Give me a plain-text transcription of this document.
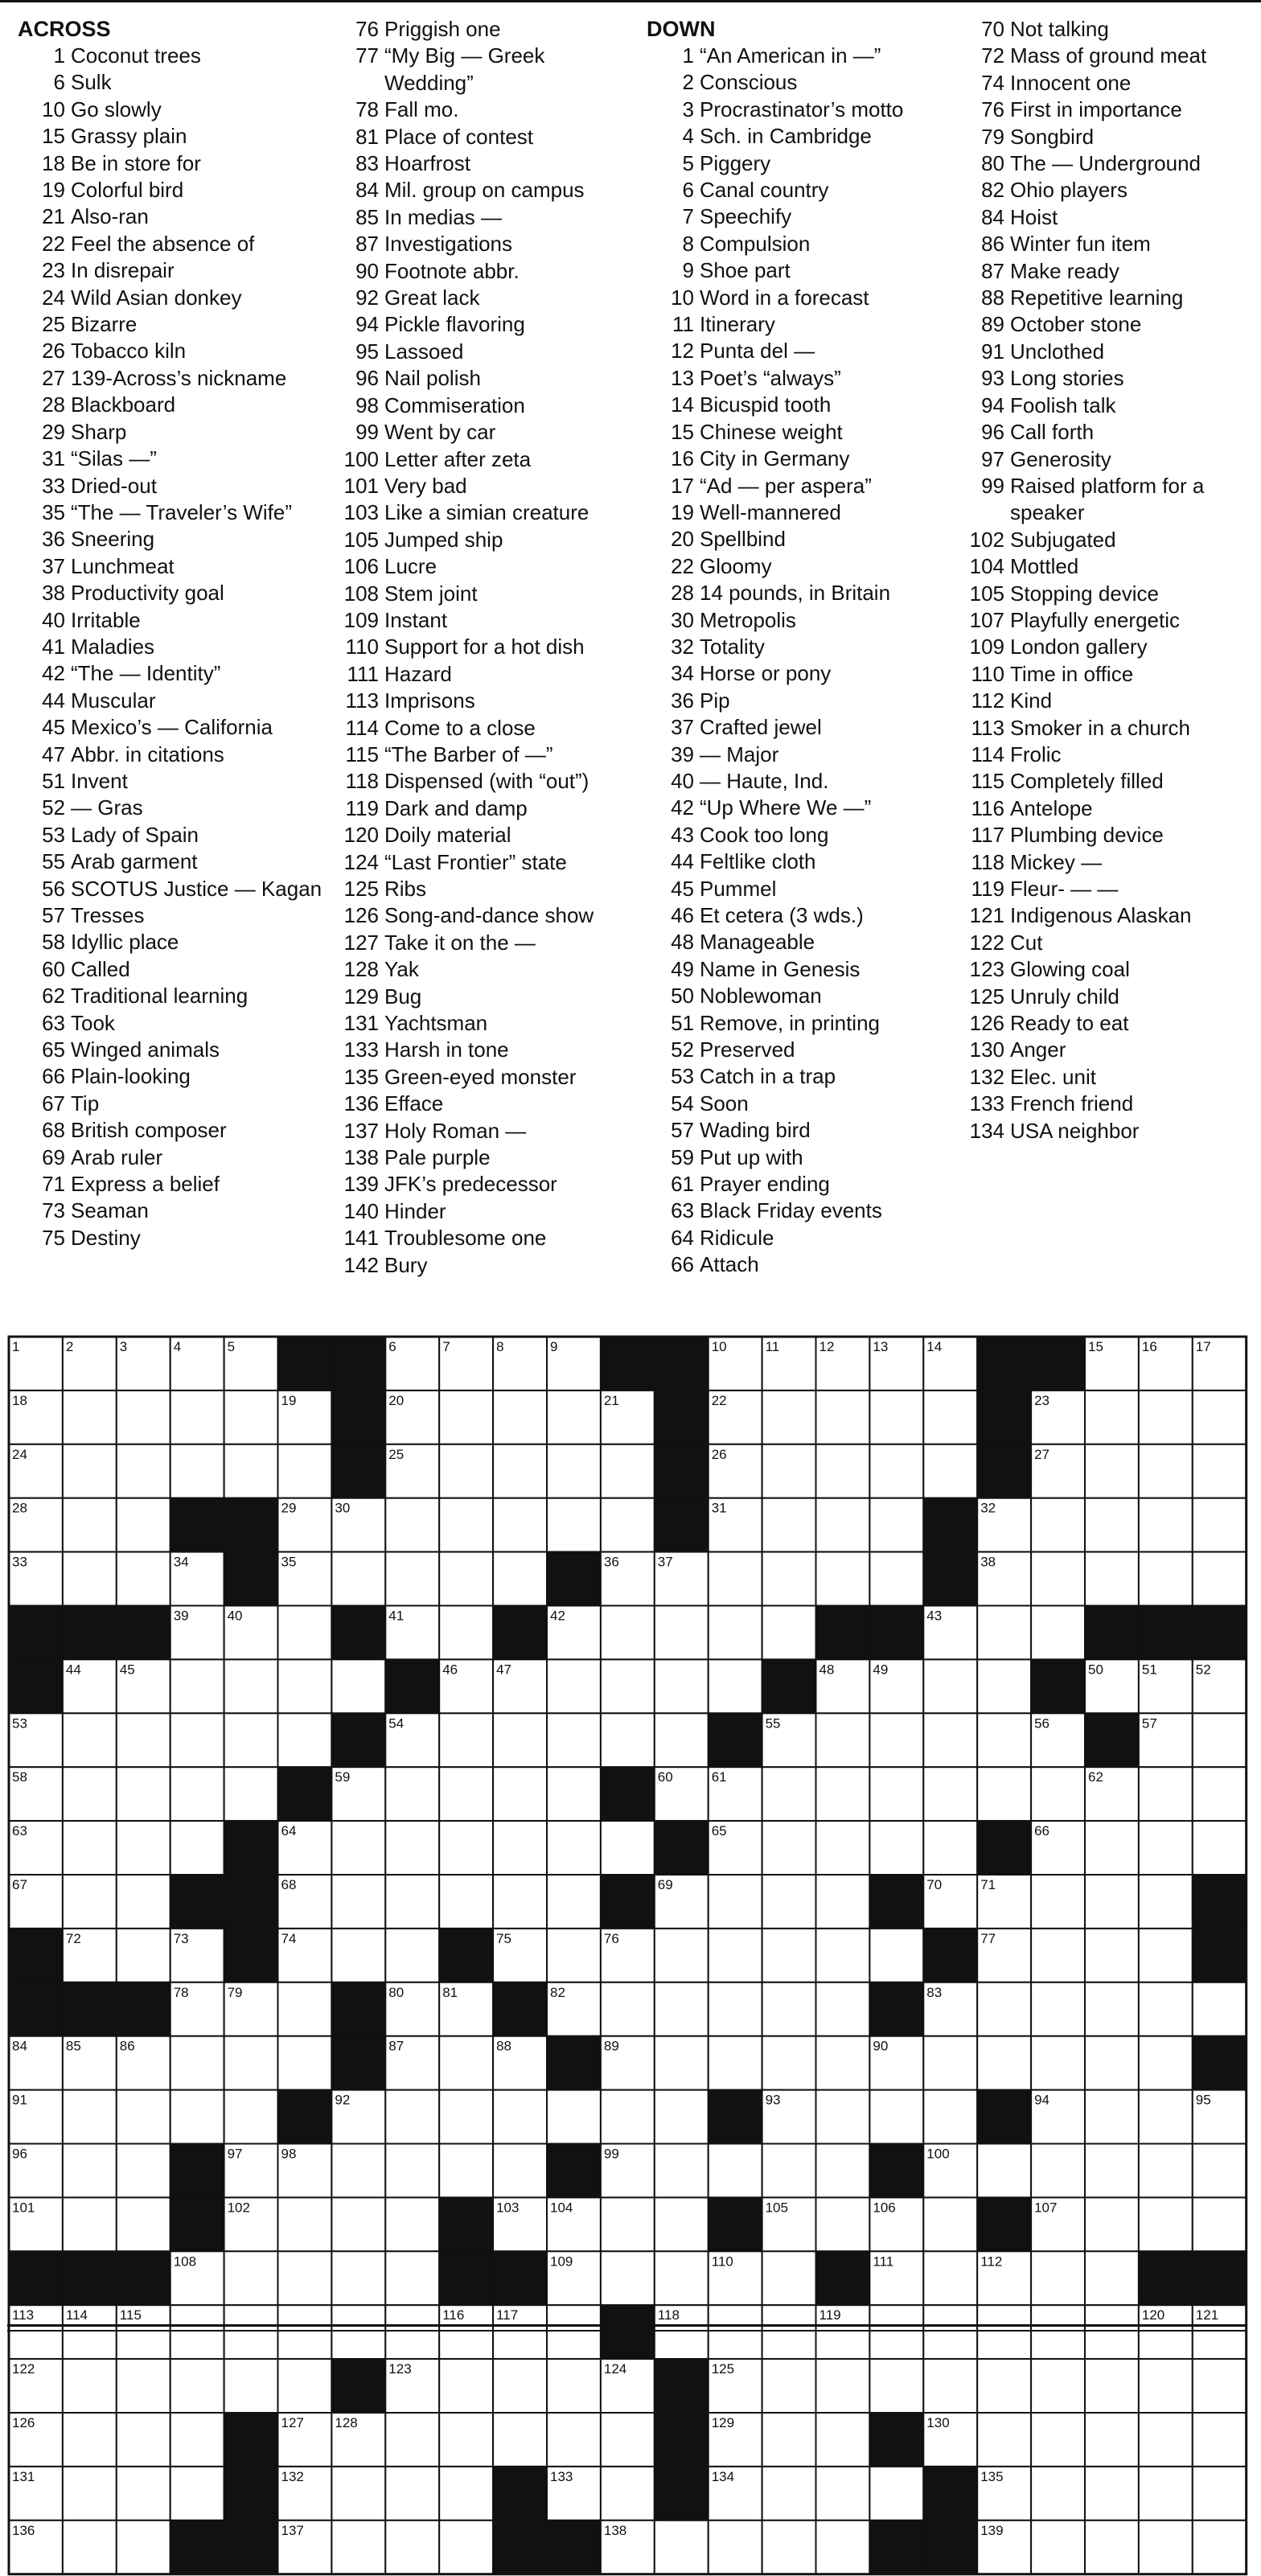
ACROSS
1 Coconut trees
6 Sulk
10 Go slowly
15 Grassy plain
18 Be in store for
19 Colorful bird
21 Also-ran
22 Feel the absence of
23 In disrepair
24 Wild Asian donkey
25 Bizarre
26 Tobacco kiln
27 139-Across’s nickname
28 Blackboard
29 Sharp
31 “Silas —”
33 Dried-out
35 “The — Traveler’s Wife”
36 Sneering
37 Lunchmeat
38 Productivity goal
40 Irritable
41 Maladies
42 “The — Identity”
44 Muscular
45 Mexico’s — California
47 Abbr. in citations
51 Invent
52 — Gras
53 Lady of Spain
55 Arab garment
56 SCOTUS Justice — Kagan
57 Tresses
58 Idyllic place
60 Called
62 Traditional learning
63 Took
65 Winged animals
66 Plain-looking
67 Tip
68 British composer
69 Arab ruler
71 Express a belief
73 Seaman
75 Destiny
76 Priggish one
77 “My Big — Greek Wedding”
78 Fall mo.
81 Place of contest
83 Hoarfrost
84 Mil. group on campus
85 In medias —
87 Investigations
90 Footnote abbr.
92 Great lack
94 Pickle flavoring
95 Lassoed
96 Nail polish
98 Commiseration
99 Went by car
100 Letter after zeta
101 Very bad
103 Like a simian creature
105 Jumped ship
106 Lucre
108 Stem joint
109 Instant
110 Support for a hot dish
111 Hazard
113 Imprisons
114 Come to a close
115 “The Barber of —”
118 Dispensed (with “out”)
119 Dark and damp
120 Doily material
124 “Last Frontier” state
125 Ribs
126 Song-and-dance show
127 Take it on the —
128 Yak
129 Bug
131 Yachtsman
133 Harsh in tone
135 Green-eyed monster
136 Efface
137 Holy Roman —
138 Pale purple
139 JFK’s predecessor
140 Hinder
141 Troublesome one
142 Bury
DOWN
1 “An American in —”
2 Conscious
3 Procrastinator’s motto
4 Sch. in Cambridge
5 Piggery
6 Canal country
7 Speechify
8 Compulsion
9 Shoe part
10 Word in a forecast
11 Itinerary
12 Punta del —
13 Poet’s “always”
14 Bicuspid tooth
15 Chinese weight
16 City in Germany
17 “Ad — per aspera”
19 Well-mannered
20 Spellbind
22 Gloomy
28 14 pounds, in Britain
30 Metropolis
32 Totality
34 Horse or pony
36 Pip
37 Crafted jewel
39 — Major
40 — Haute, Ind.
42 “Up Where We —”
43 Cook too long
44 Feltlike cloth
45 Pummel
46 Et cetera (3 wds.)
48 Manageable
49 Name in Genesis
50 Noblewoman
51 Remove, in printing
52 Preserved
53 Catch in a trap
54 Soon
57 Wading bird
59 Put up with
61 Prayer ending
63 Black Friday events
64 Ridicule
66 Attach
70 Not talking
72 Mass of ground meat
74 Innocent one
76 First in importance
79 Songbird
80 The — Underground
82 Ohio players
84 Hoist
86 Winter fun item
87 Make ready
88 Repetitive learning
89 October stone
91 Unclothed
93 Long stories
94 Foolish talk
96 Call forth
97 Generosity
99 Raised platform for a speaker
102 Subjugated
104 Mottled
105 Stopping device
107 Playfully energetic
109 London gallery
110 Time in office
112 Kind
113 Smoker in a church
114 Frolic
115 Completely filled
116 Antelope
117 Plumbing device
118 Mickey —
119 Fleur- — —
121 Indigenous Alaskan
122 Cut
123 Glowing coal
125 Unruly child
126 Ready to eat
130 Anger
132 Elec. unit
133 French friend
134 USA neighbor
1	2	3	4	5	6	7	8	9	10	11	12	13	14	15	16	17
18	19	20	21	22	23
24	25	26	27
28	29	30	31	32
33	34	35	36	37	38
39	40	41	42	43
44	45	46	47	48	49	50	51	52
53	54	55	56	57
58	59	60	61	62
63	64	65	66
67	68	69	70	71
72	73	74	75	76	77
78	79	80	81	82	83
84	85	86	87	88	89	90
91	92	93	94	95
96	97	98	99	100
101	102	103 104	105	106	107
108	109	110	111	112
113 114 115	116 117	118	119	120 121
122	123	124	125
126	127 128	129	130
131	132	133	134	135
136	137	138	139
